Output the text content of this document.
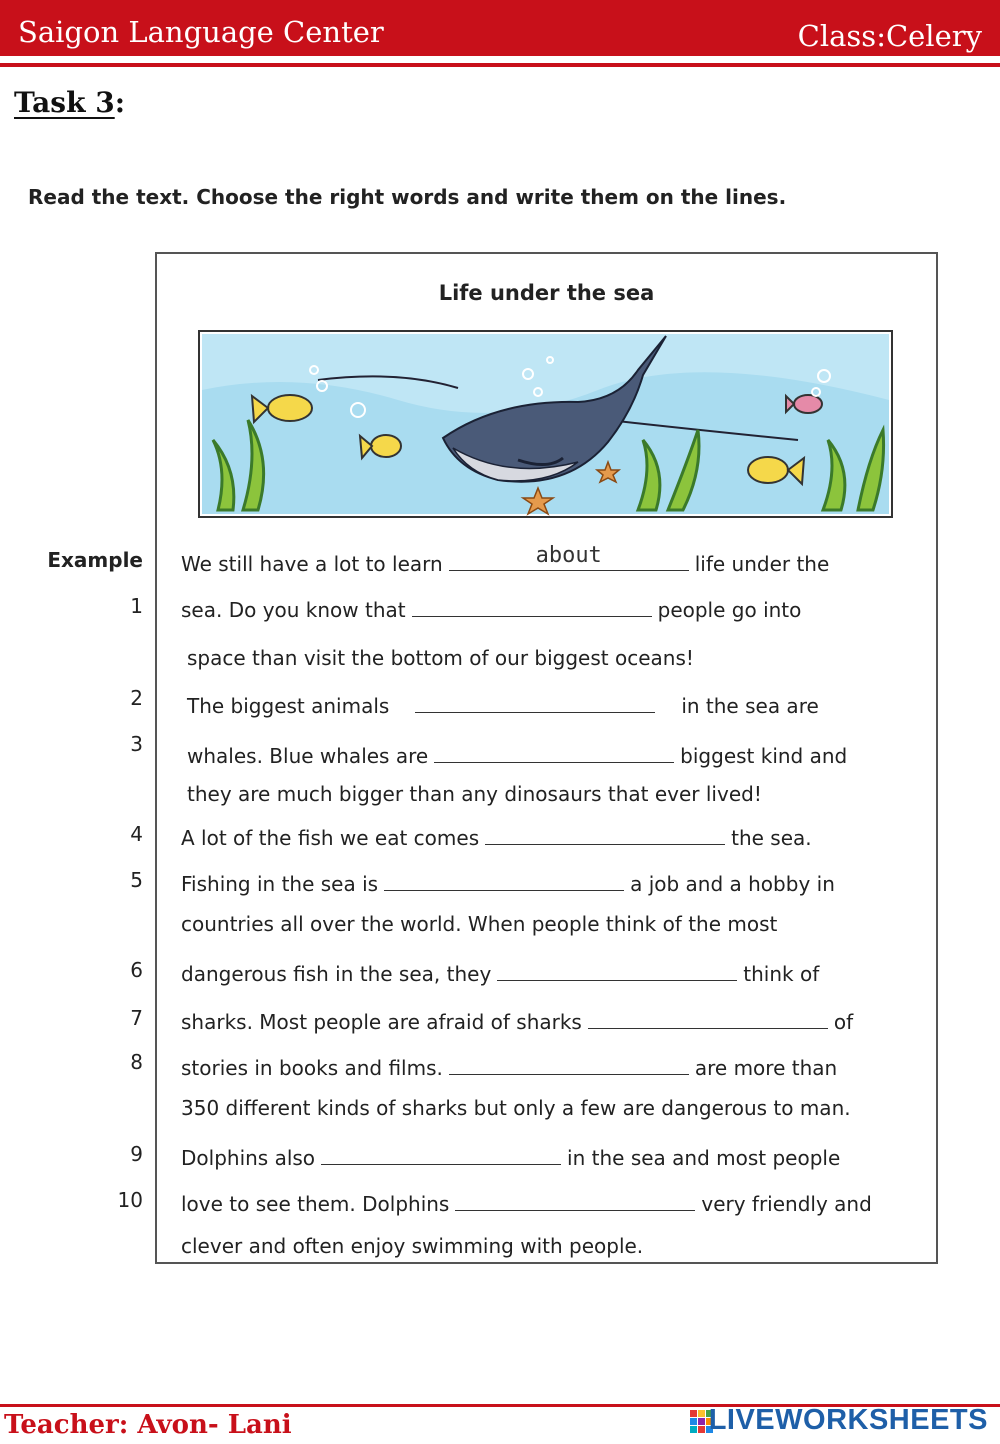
Saigon Language Center	Class:Celery
Task 3:
Read the text. Choose the right words and write them on the lines.
Life under the sea
Example We still have a lot to learn	about	life under the
1 sea. Do you know that	people go into
space than visit the bottom of our biggest oceans!
2 The biggest animals	in the sea are
3 whales. Blue whales are	biggest kind and
they are much bigger than any dinosaurs that ever lived!
4 A lot of the fish we eat comes	the sea.
5 Fishing in the sea is	a job and a hobby in
countries all over the world. When people think of the most
6 dangerous fish in the sea, they	think of
7 sharks. Most people are afraid of sharks	of
8 stories in books and films.	are more than
350 different kinds of sharks but only a few are dangerous to man.
9 Dolphins also	in the sea and most people
10 love to see them. Dolphins	very friendly and
clever and often enjoy swimming with people.
Teacher: Avon- Lani	LIVEWORKSHEETS
